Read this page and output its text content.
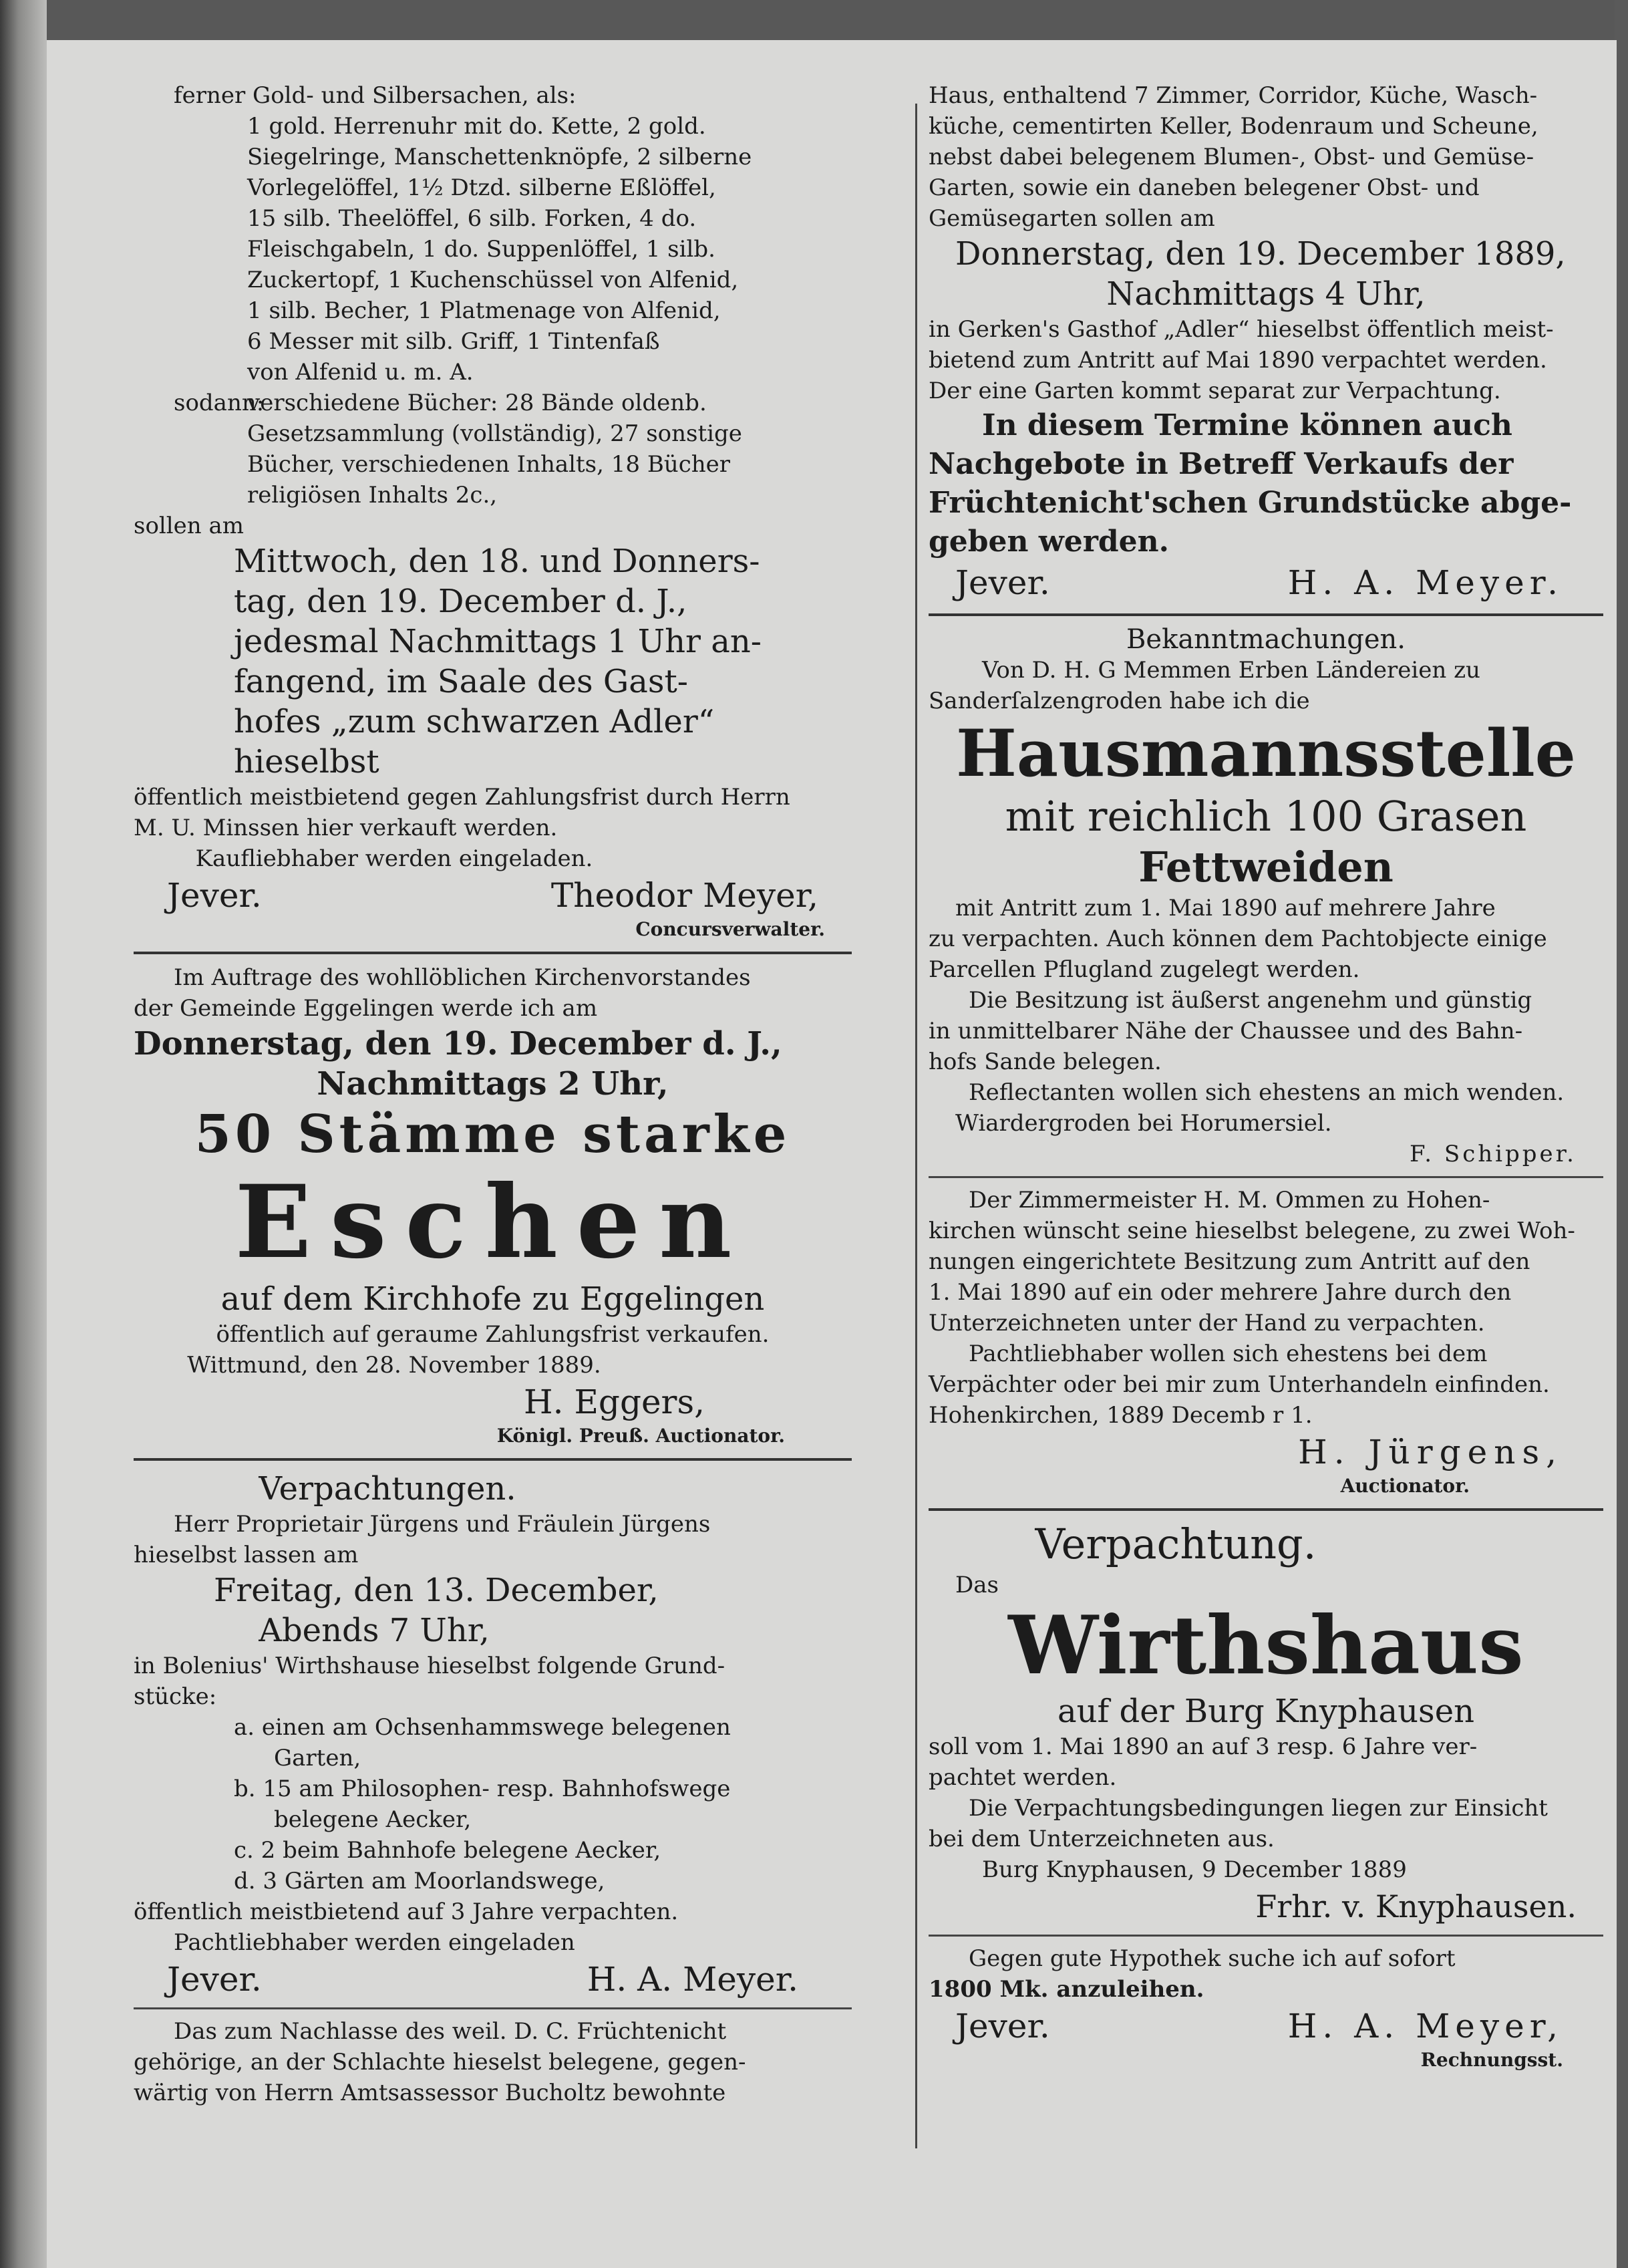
ferner Gold- und Silbersachen, als:
1 gold. Herrenuhr mit do. Kette, 2 gold.
Siegelringe, Manschettenknöpfe, 2 silberne
Vorlegelöffel, 1½ Dtzd. silberne Eßlöffel,
15 silb. Theelöffel, 6 silb. Forken, 4 do.
Fleischgabeln, 1 do. Suppenlöffel, 1 silb.
Zuckertopf, 1 Kuchenschüssel von Alfenid,
1 silb. Becher, 1 Platmenage von Alfenid,
6 Messer mit silb. Griff, 1 Tintenfaß
von Alfenid u. m. A.
sodann:
verschiedene Bücher: 28 Bände oldenb.
Gesetzsammlung (vollständig), 27 sonstige
Bücher, verschiedenen Inhalts, 18 Bücher
religiösen Inhalts 2c.,
sollen am
Mittwoch, den 18. und Donners-
tag, den 19. December d. J.,
jedesmal Nachmittags 1 Uhr an-
fangend, im Saale des Gast-
hofes „zum schwarzen Adler“
hieselbst
öffentlich meistbietend gegen Zahlungsfrist durch Herrn
M. U. Minssen hier verkauft werden.
Kaufliebhaber werden eingeladen.
Jever.	Theodor Meyer,
Concursverwalter.
Im Auftrage des wohllöblichen Kirchenvorstandes
der Gemeinde Eggelingen werde ich am
Donnerstag, den 19. December d. J.,
Nachmittags 2 Uhr,
50 Stämme starke
Eschen
auf dem Kirchhofe zu Eggelingen
öffentlich auf geraume Zahlungsfrist verkaufen.
Wittmund, den 28. November 1889.
H. Eggers,
Königl. Preuß. Auctionator.
Verpachtungen.
Herr Proprietair Jürgens und Fräulein Jürgens
hieselbst lassen am
Freitag, den 13. December,
Abends 7 Uhr,
in Bolenius' Wirthshause hieselbst folgende Grund-
stücke:
a. einen am Ochsenhammswege belegenen
Garten,
b. 15 am Philosophen- resp. Bahnhofswege
belegene Aecker,
c. 2 beim Bahnhofe belegene Aecker,
d. 3 Gärten am Moorlandswege,
öffentlich meistbietend auf 3 Jahre verpachten.
Pachtliebhaber werden eingeladen
Jever.	H. A. Meyer.
Das zum Nachlasse des weil. D. C. Früchtenicht
gehörige, an der Schlachte hieselst belegene, gegen-
wärtig von Herrn Amtsassessor Bucholtz bewohnte
Haus, enthaltend 7 Zimmer, Corridor, Küche, Wasch-
küche, cementirten Keller, Bodenraum und Scheune,
nebst dabei belegenem Blumen-, Obst- und Gemüse-
Garten, sowie ein daneben belegener Obst- und
Gemüsegarten sollen am
Donnerstag, den 19. December 1889,
Nachmittags 4 Uhr,
in Gerken's Gasthof „Adler“ hieselbst öffentlich meist-
bietend zum Antritt auf Mai 1890 verpachtet werden.
Der eine Garten kommt separat zur Verpachtung.
In diesem Termine können auch
Nachgebote in Betreff Verkaufs der
Früchtenicht'schen Grundstücke abge-
geben werden.
Jever.	H. A. Meyer.
Bekanntmachungen.
Von D. H. G Memmen Erben Ländereien zu
Sanderſalzengroden habe ich die
Hausmannsstelle
mit reichlich 100 Grasen
Fettweiden
mit Antritt zum 1. Mai 1890 auf mehrere Jahre
zu verpachten. Auch können dem Pachtobjecte einige
Parcellen Pflugland zugelegt werden.
Die Besitzung ist äußerst angenehm und günstig
in unmittelbarer Nähe der Chaussee und des Bahn-
hofs Sande belegen.
Reflectanten wollen sich ehestens an mich wenden.
Wiardergroden bei Horumersiel.
F. Schipper.
Der Zimmermeister H. M. Ommen zu Hohen-
kirchen wünscht seine hieselbst belegene, zu zwei Woh-
nungen eingerichtete Besitzung zum Antritt auf den
1. Mai 1890 auf ein oder mehrere Jahre durch den
Unterzeichneten unter der Hand zu verpachten.
Pachtliebhaber wollen sich ehestens bei dem
Verpächter oder bei mir zum Unterhandeln einfinden.
Hohenkirchen, 1889 Decemb r 1.
H. Jürgens,
Auctionator.
Verpachtung.
Das
Wirthshaus
auf der Burg Knyphausen
soll vom 1. Mai 1890 an auf 3 resp. 6 Jahre ver-
pachtet werden.
Die Verpachtungsbedingungen liegen zur Einsicht
bei dem Unterzeichneten aus.
Burg Knyphausen, 9 December 1889
Frhr. v. Knyphausen.
Gegen gute Hypothek suche ich auf sofort
1800 Mk. anzuleihen.
Jever.	H. A. Meyer,
Rechnungsst.
